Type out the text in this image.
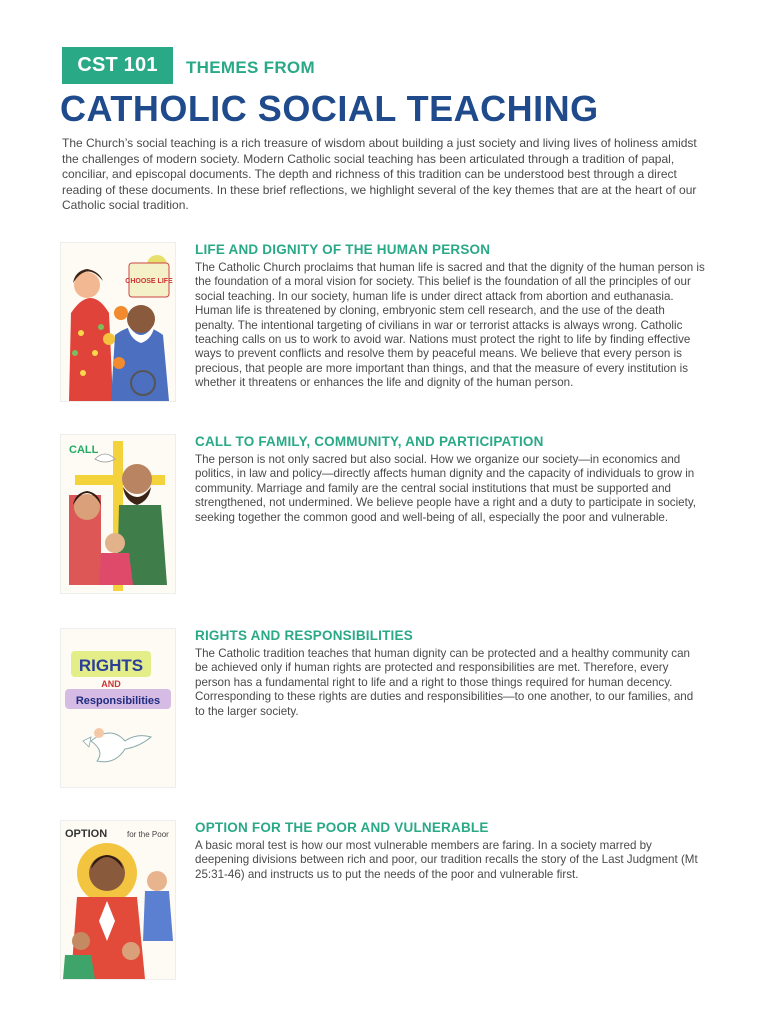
CST 101	THEMES FROM
CATHOLIC SOCIAL TEACHING

The Church’s social teaching is a rich treasure of wisdom about building a just society and living lives of holiness amidst the challenges of modern society. Modern Catholic social teaching has been articulated through a tradition of papal, conciliar, and episcopal documents. The depth and richness of this tradition can be understood best through a direct reading of these documents. In these brief reflections, we highlight several of the key themes that are at the heart of our Catholic social tradition.

CHOOSE LIFE
LIFE AND DIGNITY OF THE HUMAN PERSON

The Catholic Church proclaims that human life is sacred and that the dignity of the human person is the foundation of a moral vision for society. This belief is the foundation of all the principles of our social teaching. In our society, human life is under direct attack from abortion and euthanasia. Human life is threatened by cloning, embryonic stem cell research, and the use of the death penalty. The intentional targeting of civilians in war or terrorist attacks is always wrong. Catholic teaching calls on us to work to avoid war. Nations must protect the right to life by finding effective ways to prevent conflicts and resolve them by peaceful means. We believe that every person is precious, that people are more important than things, and that the measure of every institution is whether it threatens or enhances the life and dignity of the human person.

CALL
CALL TO FAMILY, COMMUNITY, AND PARTICIPATION

The person is not only sacred but also social. How we organize our society—in economics and politics, in law and policy—directly affects human dignity and the capacity of individuals to grow in community. Marriage and family are the central social institutions that must be supported and strengthened, not undermined. We believe people have a right and a duty to participate in society, seeking together the common good and well-being of all, especially the poor and vulnerable.

RIGHTS
AND
Responsibilities
RIGHTS AND RESPONSIBILITIES

The Catholic tradition teaches that human dignity can be protected and a healthy community can be achieved only if human rights are protected and responsibilities are met. Therefore, every person has a fundamental right to life and a right to those things required for human decency. Corresponding to these rights are duties and responsibilities—to one another, to our families, and to the larger society.

OPTION for the Poor OPTION FOR THE POOR AND VULNERABLE

A basic moral test is how our most vulnerable members are faring. In a society marred by deepening divisions between rich and poor, our tradition recalls the story of the Last Judgment (Mt 25:31-46) and instructs us to put the needs of the poor and vulnerable first.
